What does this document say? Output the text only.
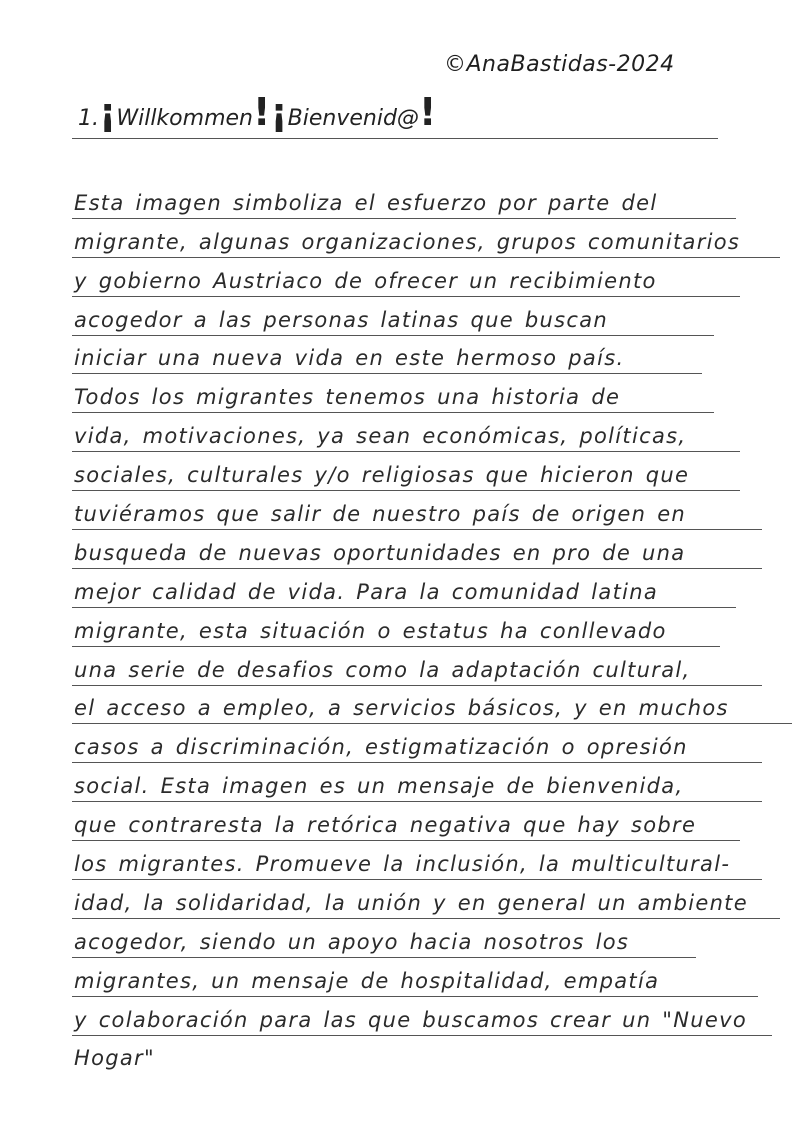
©AnaBastidas-2024
1.¡Willkommen!¡Bienvenid@!
Esta imagen simboliza el esfuerzo por parte del
migrante, algunas organizaciones, grupos comunitarios
y gobierno Austriaco de ofrecer un recibimiento
acogedor a las personas latinas que buscan
iniciar una nueva vida en este hermoso país.
Todos los migrantes tenemos una historia de
vida, motivaciones, ya sean económicas, políticas,
sociales, culturales y/o religiosas que hicieron que
tuviéramos que salir de nuestro país de origen en
busqueda de nuevas oportunidades en pro de una
mejor calidad de vida. Para la comunidad latina
migrante, esta situación o estatus ha conllevado
una serie de desafios como la adaptación cultural,
el acceso a empleo, a servicios básicos, y en muchos
casos a discriminación, estigmatización o opresión
social. Esta imagen es un mensaje de bienvenida,
que contraresta la retórica negativa que hay sobre
los migrantes. Promueve la inclusión, la multicultural-
idad, la solidaridad, la unión y en general un ambiente
acogedor, siendo un apoyo hacia nosotros los
migrantes, un mensaje de hospitalidad, empatía
y colaboración para las que buscamos crear un "Nuevo
Hogar"
